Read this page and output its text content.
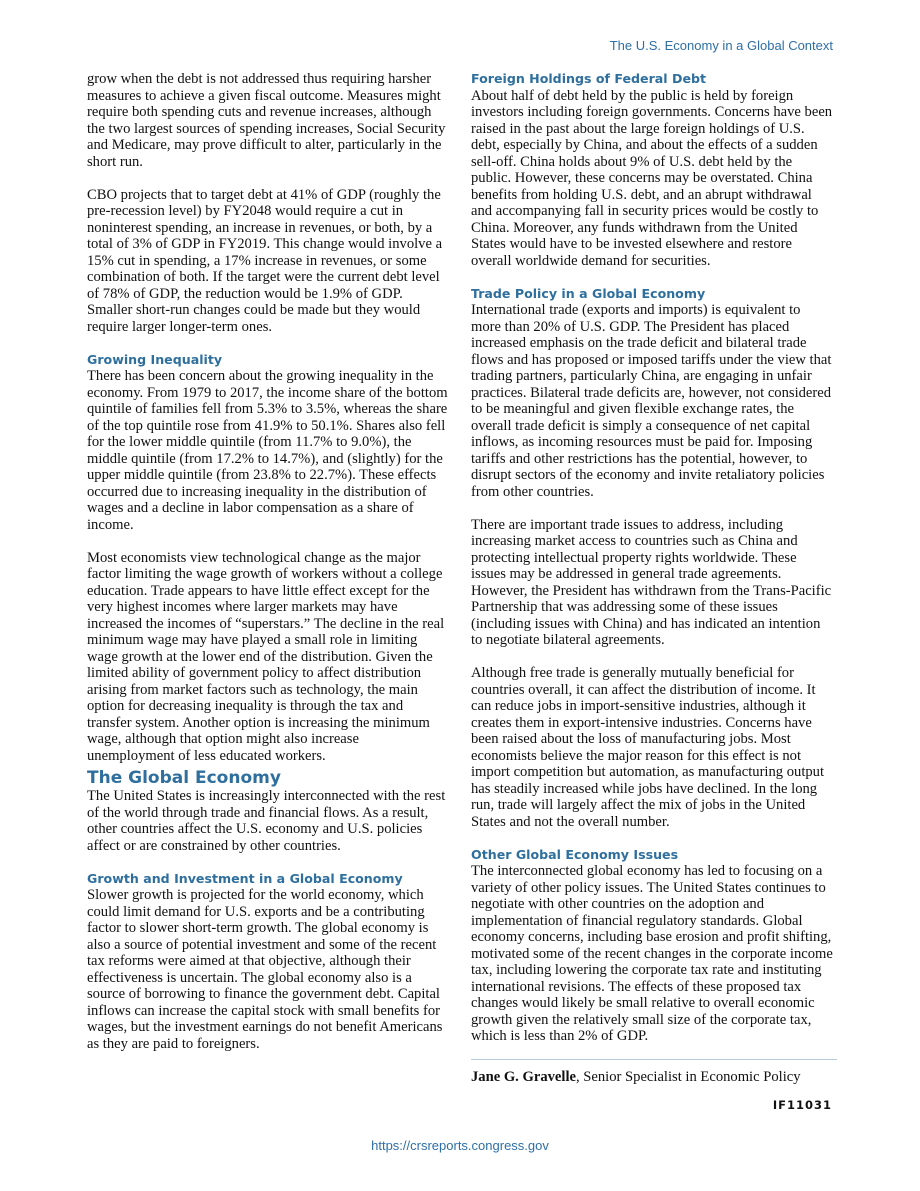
The U.S. Economy in a Global Context

grow when the debt is not addressed thus requiring harsher measures to achieve a given fiscal outcome. Measures might require both spending cuts and revenue increases, although the two largest sources of spending increases, Social Security and Medicare, may prove difficult to alter, particularly in the short run.

CBO projects that to target debt at 41% of GDP (roughly the pre-recession level) by FY2048 would require a cut in noninterest spending, an increase in revenues, or both, by a total of 3% of GDP in FY2019. This change would involve a 15% cut in spending, a 17% increase in revenues, or some combination of both. If the target were the current debt level of 78% of GDP, the reduction would be 1.9% of GDP. Smaller short-run changes could be made but they would require larger longer-term ones.

Growing Inequality

There has been concern about the growing inequality in the economy. From 1979 to 2017, the income share of the bottom quintile of families fell from 5.3% to 3.5%, whereas the share of the top quintile rose from 41.9% to 50.1%. Shares also fell for the lower middle quintile (from 11.7% to 9.0%), the middle quintile (from 17.2% to 14.7%), and (slightly) for the upper middle quintile (from 23.8% to 22.7%). These effects occurred due to increasing inequality in the distribution of wages and a decline in labor compensation as a share of income.

Most economists view technological change as the major factor limiting the wage growth of workers without a college education. Trade appears to have little effect except for the very highest incomes where larger markets may have increased the incomes of “superstars.” The decline in the real minimum wage may have played a small role in limiting wage growth at the lower end of the distribution. Given the limited ability of government policy to affect distribution arising from market factors such as technology, the main option for decreasing inequality is through the tax and transfer system. Another option is increasing the minimum wage, although that option might also increase unemployment of less educated workers.

The Global Economy

The United States is increasingly interconnected with the rest of the world through trade and financial flows. As a result, other countries affect the U.S. economy and U.S. policies affect or are constrained by other countries.

Growth and Investment in a Global Economy

Slower growth is projected for the world economy, which could limit demand for U.S. exports and be a contributing factor to slower short-term growth. The global economy is also a source of potential investment and some of the recent tax reforms were aimed at that objective, although their effectiveness is uncertain. The global economy also is a source of borrowing to finance the government debt. Capital inflows can increase the capital stock with small benefits for wages, but the investment earnings do not benefit Americans as they are paid to foreigners.

Foreign Holdings of Federal Debt

About half of debt held by the public is held by foreign investors including foreign governments. Concerns have been raised in the past about the large foreign holdings of U.S. debt, especially by China, and about the effects of a sudden sell-off. China holds about 9% of U.S. debt held by the public. However, these concerns may be overstated. China benefits from holding U.S. debt, and an abrupt withdrawal and accompanying fall in security prices would be costly to China. Moreover, any funds withdrawn from the United States would have to be invested elsewhere and restore overall worldwide demand for securities.

Trade Policy in a Global Economy

International trade (exports and imports) is equivalent to more than 20% of U.S. GDP. The President has placed increased emphasis on the trade deficit and bilateral trade flows and has proposed or imposed tariffs under the view that trading partners, particularly China, are engaging in unfair practices. Bilateral trade deficits are, however, not considered to be meaningful and given flexible exchange rates, the overall trade deficit is simply a consequence of net capital inflows, as incoming resources must be paid for. Imposing tariffs and other restrictions has the potential, however, to disrupt sectors of the economy and invite retaliatory policies from other countries.

There are important trade issues to address, including increasing market access to countries such as China and protecting intellectual property rights worldwide. These issues may be addressed in general trade agreements. However, the President has withdrawn from the Trans-Pacific Partnership that was addressing some of these issues (including issues with China) and has indicated an intention to negotiate bilateral agreements.

Although free trade is generally mutually beneficial for countries overall, it can affect the distribution of income. It can reduce jobs in import-sensitive industries, although it creates them in export-intensive industries. Concerns have been raised about the loss of manufacturing jobs. Most economists believe the major reason for this effect is not import competition but automation, as manufacturing output has steadily increased while jobs have declined. In the long run, trade will largely affect the mix of jobs in the United States and not the overall number.

Other Global Economy Issues

The interconnected global economy has led to focusing on a variety of other policy issues. The United States continues to negotiate with other countries on the adoption and implementation of financial regulatory standards. Global economy concerns, including base erosion and profit shifting, motivated some of the recent changes in the corporate income tax, including lowering the corporate tax rate and instituting international revisions. The effects of these proposed tax changes would likely be small relative to overall economic growth given the relatively small size of the corporate tax, which is less than 2% of GDP.

Jane G. Gravelle, Senior Specialist in Economic Policy
IF11031
https://crsreports.congress.gov
